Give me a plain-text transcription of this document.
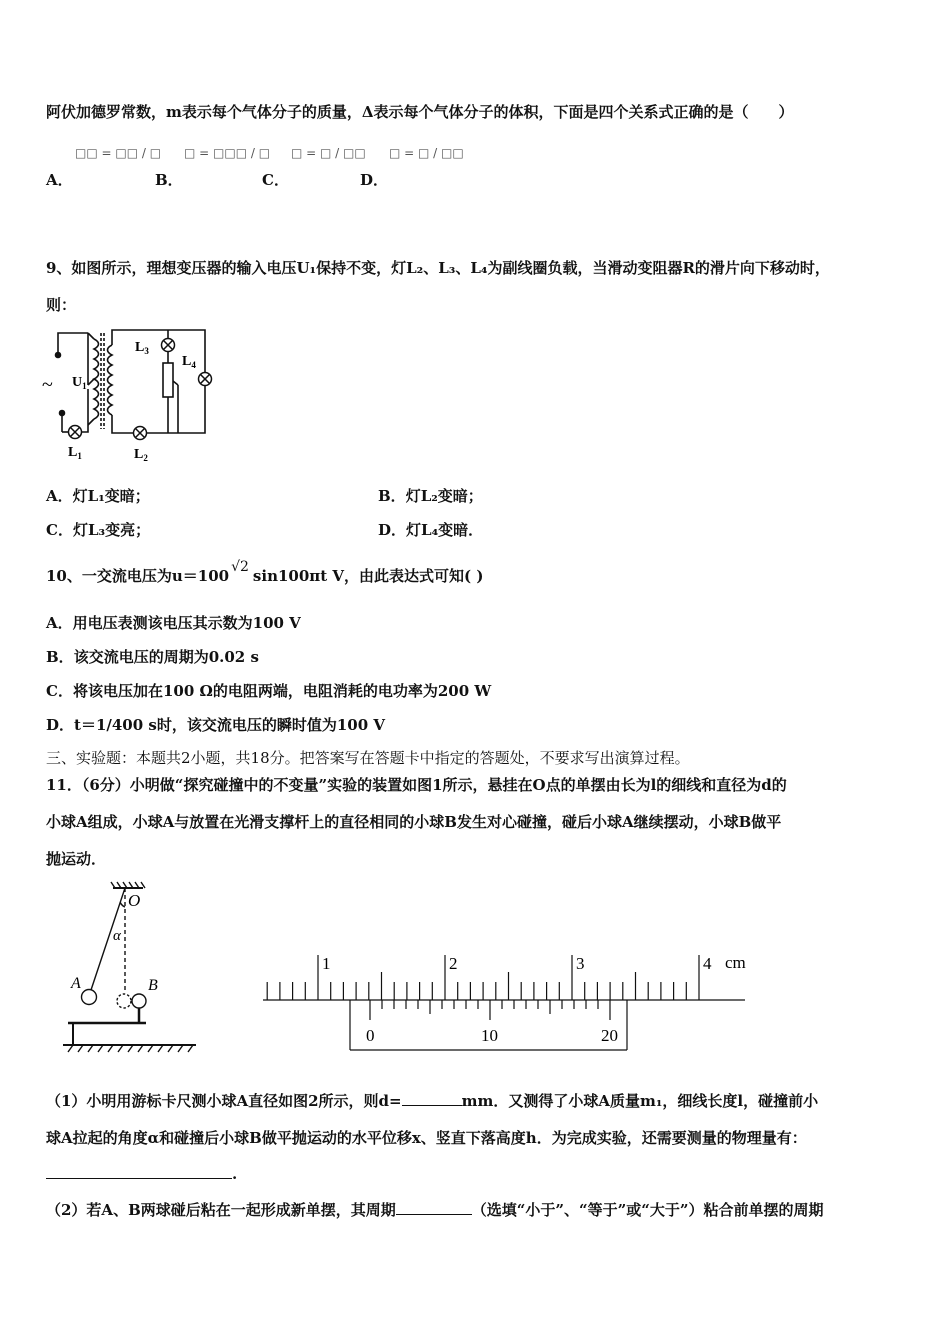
阿伏加德罗常数，m表示每个气体分子的质量，Δ表示每个气体分子的体积，下面是四个关系式正确的是（　　）
A．
□□ = □□ / □
B．
□ = □□□ / □
C．
□ = □ / □□
D．
□ = □ / □□
9、如图所示，理想变压器的输入电压U₁保持不变，灯L₂、L₃、L₄为副线圈负载，当滑动变阻器R的滑片向下移动时，
则：
~ $U_1$
$L_1$	$L_2$
$L_3$
$L_4$
A．灯L₁变暗；	B．灯L₂变暗；
C．灯L₃变亮；	D．灯L₄变暗．
10、一交流电压为u＝100 √2 sin100πt V，由此表达式可知( )
A．用电压表测该电压其示数为100 V
B．该交流电压的周期为0.02 s
C．将该电压加在100 Ω的电阻两端，电阻消耗的电功率为200 W
D．t＝1/400 s时，该交流电压的瞬时值为100 V
三、实验题：本题共2小题，共18分。把答案写在答题卡中指定的答题处，不要求写出演算过程。
11．（6分）小明做“探究碰撞中的不变量”实验的装置如图1所示，悬挂在O点的单摆由长为l的细线和直径为d的
小球A组成，小球A与放置在光滑支撑杆上的直径相同的小球B发生对心碰撞，碰后小球A继续摆动，小球B做平
抛运动．
O
α
A	B
cm
1	2	3	4
0	10	20
（1）小明用游标卡尺测小球A直径如图2所示，则d=	mm．又测得了小球A质量m₁，细线长度l，碰撞前小
球A拉起的角度α和碰撞后小球B做平抛运动的水平位移x、竖直下落高度h．为完成实验，还需要测量的物理量有：
.
（2）若A、B两球碰后粘在一起形成新单摆，其周期	（选填“小于”、“等于”或“大于”）粘合前单摆的周期
